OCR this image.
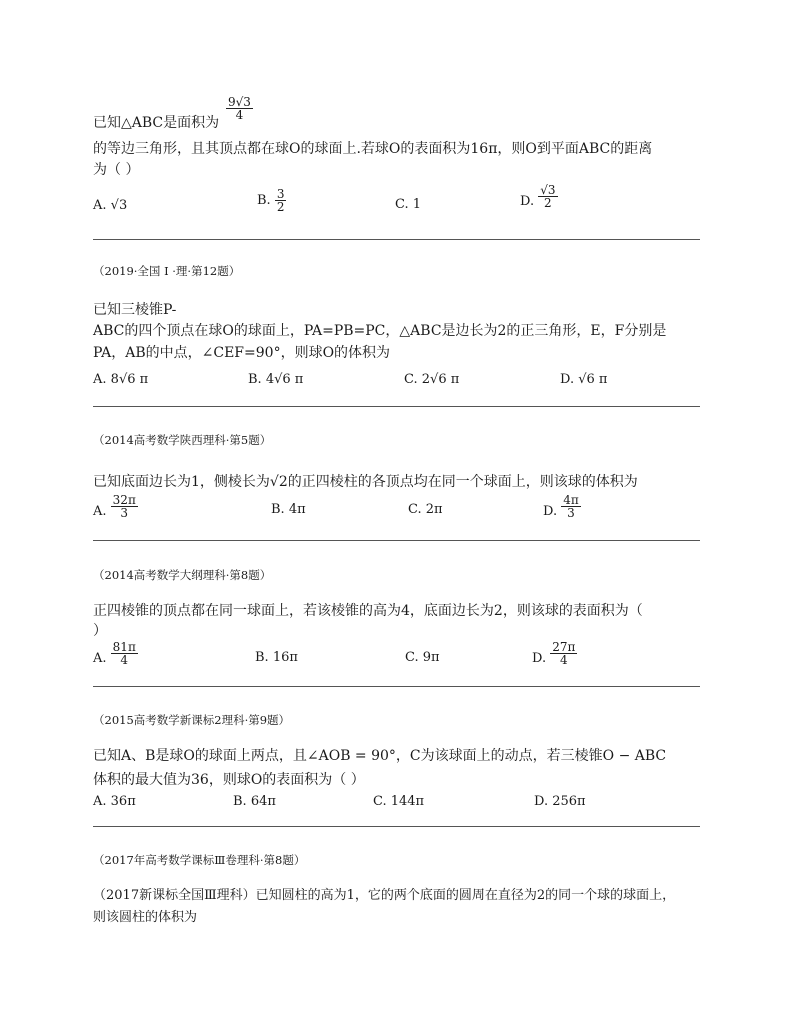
已知△ABC是面积为
$\frac{9√3}{4}$
的等边三角形，且其顶点都在球O的球面上.若球O的表面积为16π，则O到平面ABC的距离
为（ ）
A. √3	B. $\frac{3}{2}$	C. 1	D. $\frac{√3}{2}$
（2019·全国 I ·理·第12题）
已知三棱锥P-
ABC的四个顶点在球O的球面上，PA=PB=PC，△ABC是边长为2的正三角形，E，F分别是
PA，AB的中点，∠CEF=90°，则球O的体积为
A. 8√6 π	B. 4√6 π	C. 2√6 π	D. √6 π
（2014高考数学陕西理科·第5题）
已知底面边长为1，侧棱长为√2的正四棱柱的各顶点均在同一个球面上，则该球的体积为
A. $\frac{32\pi}{3}$	B. 4π	C. 2π	D. $\frac{4\pi}{3}$
（2014高考数学大纲理科·第8题）
正四棱锥的顶点都在同一球面上，若该棱锥的高为4，底面边长为2，则该球的表面积为（
）
A. $\frac{81\pi}{4}$	B. 16π	C. 9π	D. $\frac{27\pi}{4}$
（2015高考数学新课标2理科·第9题）
已知A、B是球O的球面上两点，且∠AOB = 90°，C为该球面上的动点，若三棱锥O − ABC
体积的最大值为36，则球O的表面积为（ ）
A. 36π	B. 64π	C. 144π	D. 256π
（2017年高考数学课标Ⅲ卷理科·第8题）
（2017新课标全国Ⅲ理科）已知圆柱的高为1，它的两个底面的圆周在直径为2的同一个球的球面上，
则该圆柱的体积为
